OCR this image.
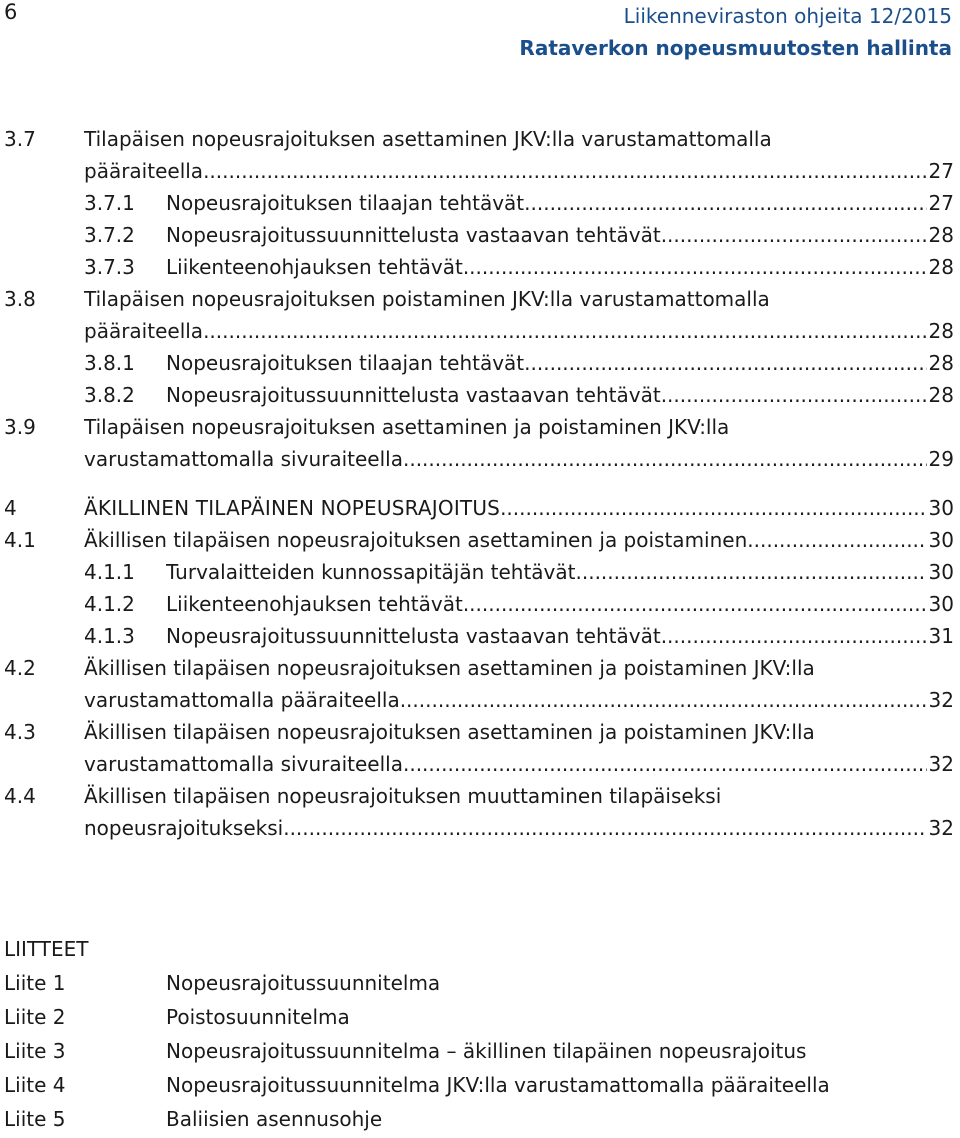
6	Liikenneviraston ohjeita 12/2015
Rataverkon nopeusmuutosten hallinta
3.7 Tilapäisen nopeusrajoituksen asettaminen JKV:lla varustamattomalla
pääraiteella .....	27
3.7.1 Nopeusrajoituksen tilaajan tehtävät .....	27
3.7.2 Nopeusrajoitussuunnittelusta vastaavan tehtävät .....	28
3.7.3 Liikenteenohjauksen tehtävät .....	28
3.8 Tilapäisen nopeusrajoituksen poistaminen JKV:lla varustamattomalla
pääraiteella .....	28
3.8.1 Nopeusrajoituksen tilaajan tehtävät .....	28
3.8.2 Nopeusrajoitussuunnittelusta vastaavan tehtävät .....	28
3.9 Tilapäisen nopeusrajoituksen asettaminen ja poistaminen JKV:lla
varustamattomalla sivuraiteella .....	29
4	ÄKILLINEN TILAPÄINEN NOPEUSRAJOITUS .....	30
4.1 Äkillisen tilapäisen nopeusrajoituksen asettaminen ja poistaminen .....	30
4.1.1 Turvalaitteiden kunnossapitäjän tehtävät .....	30
4.1.2 Liikenteenohjauksen tehtävät .....	30
4.1.3 Nopeusrajoitussuunnittelusta vastaavan tehtävät .....	31
4.2 Äkillisen tilapäisen nopeusrajoituksen asettaminen ja poistaminen JKV:lla
varustamattomalla pääraiteella .....	32
4.3 Äkillisen tilapäisen nopeusrajoituksen asettaminen ja poistaminen JKV:lla
varustamattomalla sivuraiteella .....	32
4.4 Äkillisen tilapäisen nopeusrajoituksen muuttaminen tilapäiseksi
nopeusrajoitukseksi .....	32
LIITTEET
Liite 1	Nopeusrajoitussuunnitelma
Liite 2	Poistosuunnitelma
Liite 3	Nopeusrajoitussuunnitelma – äkillinen tilapäinen nopeusrajoitus
Liite 4	Nopeusrajoitussuunnitelma JKV:lla varustamattomalla pääraiteella
Liite 5	Baliisien asennusohje
